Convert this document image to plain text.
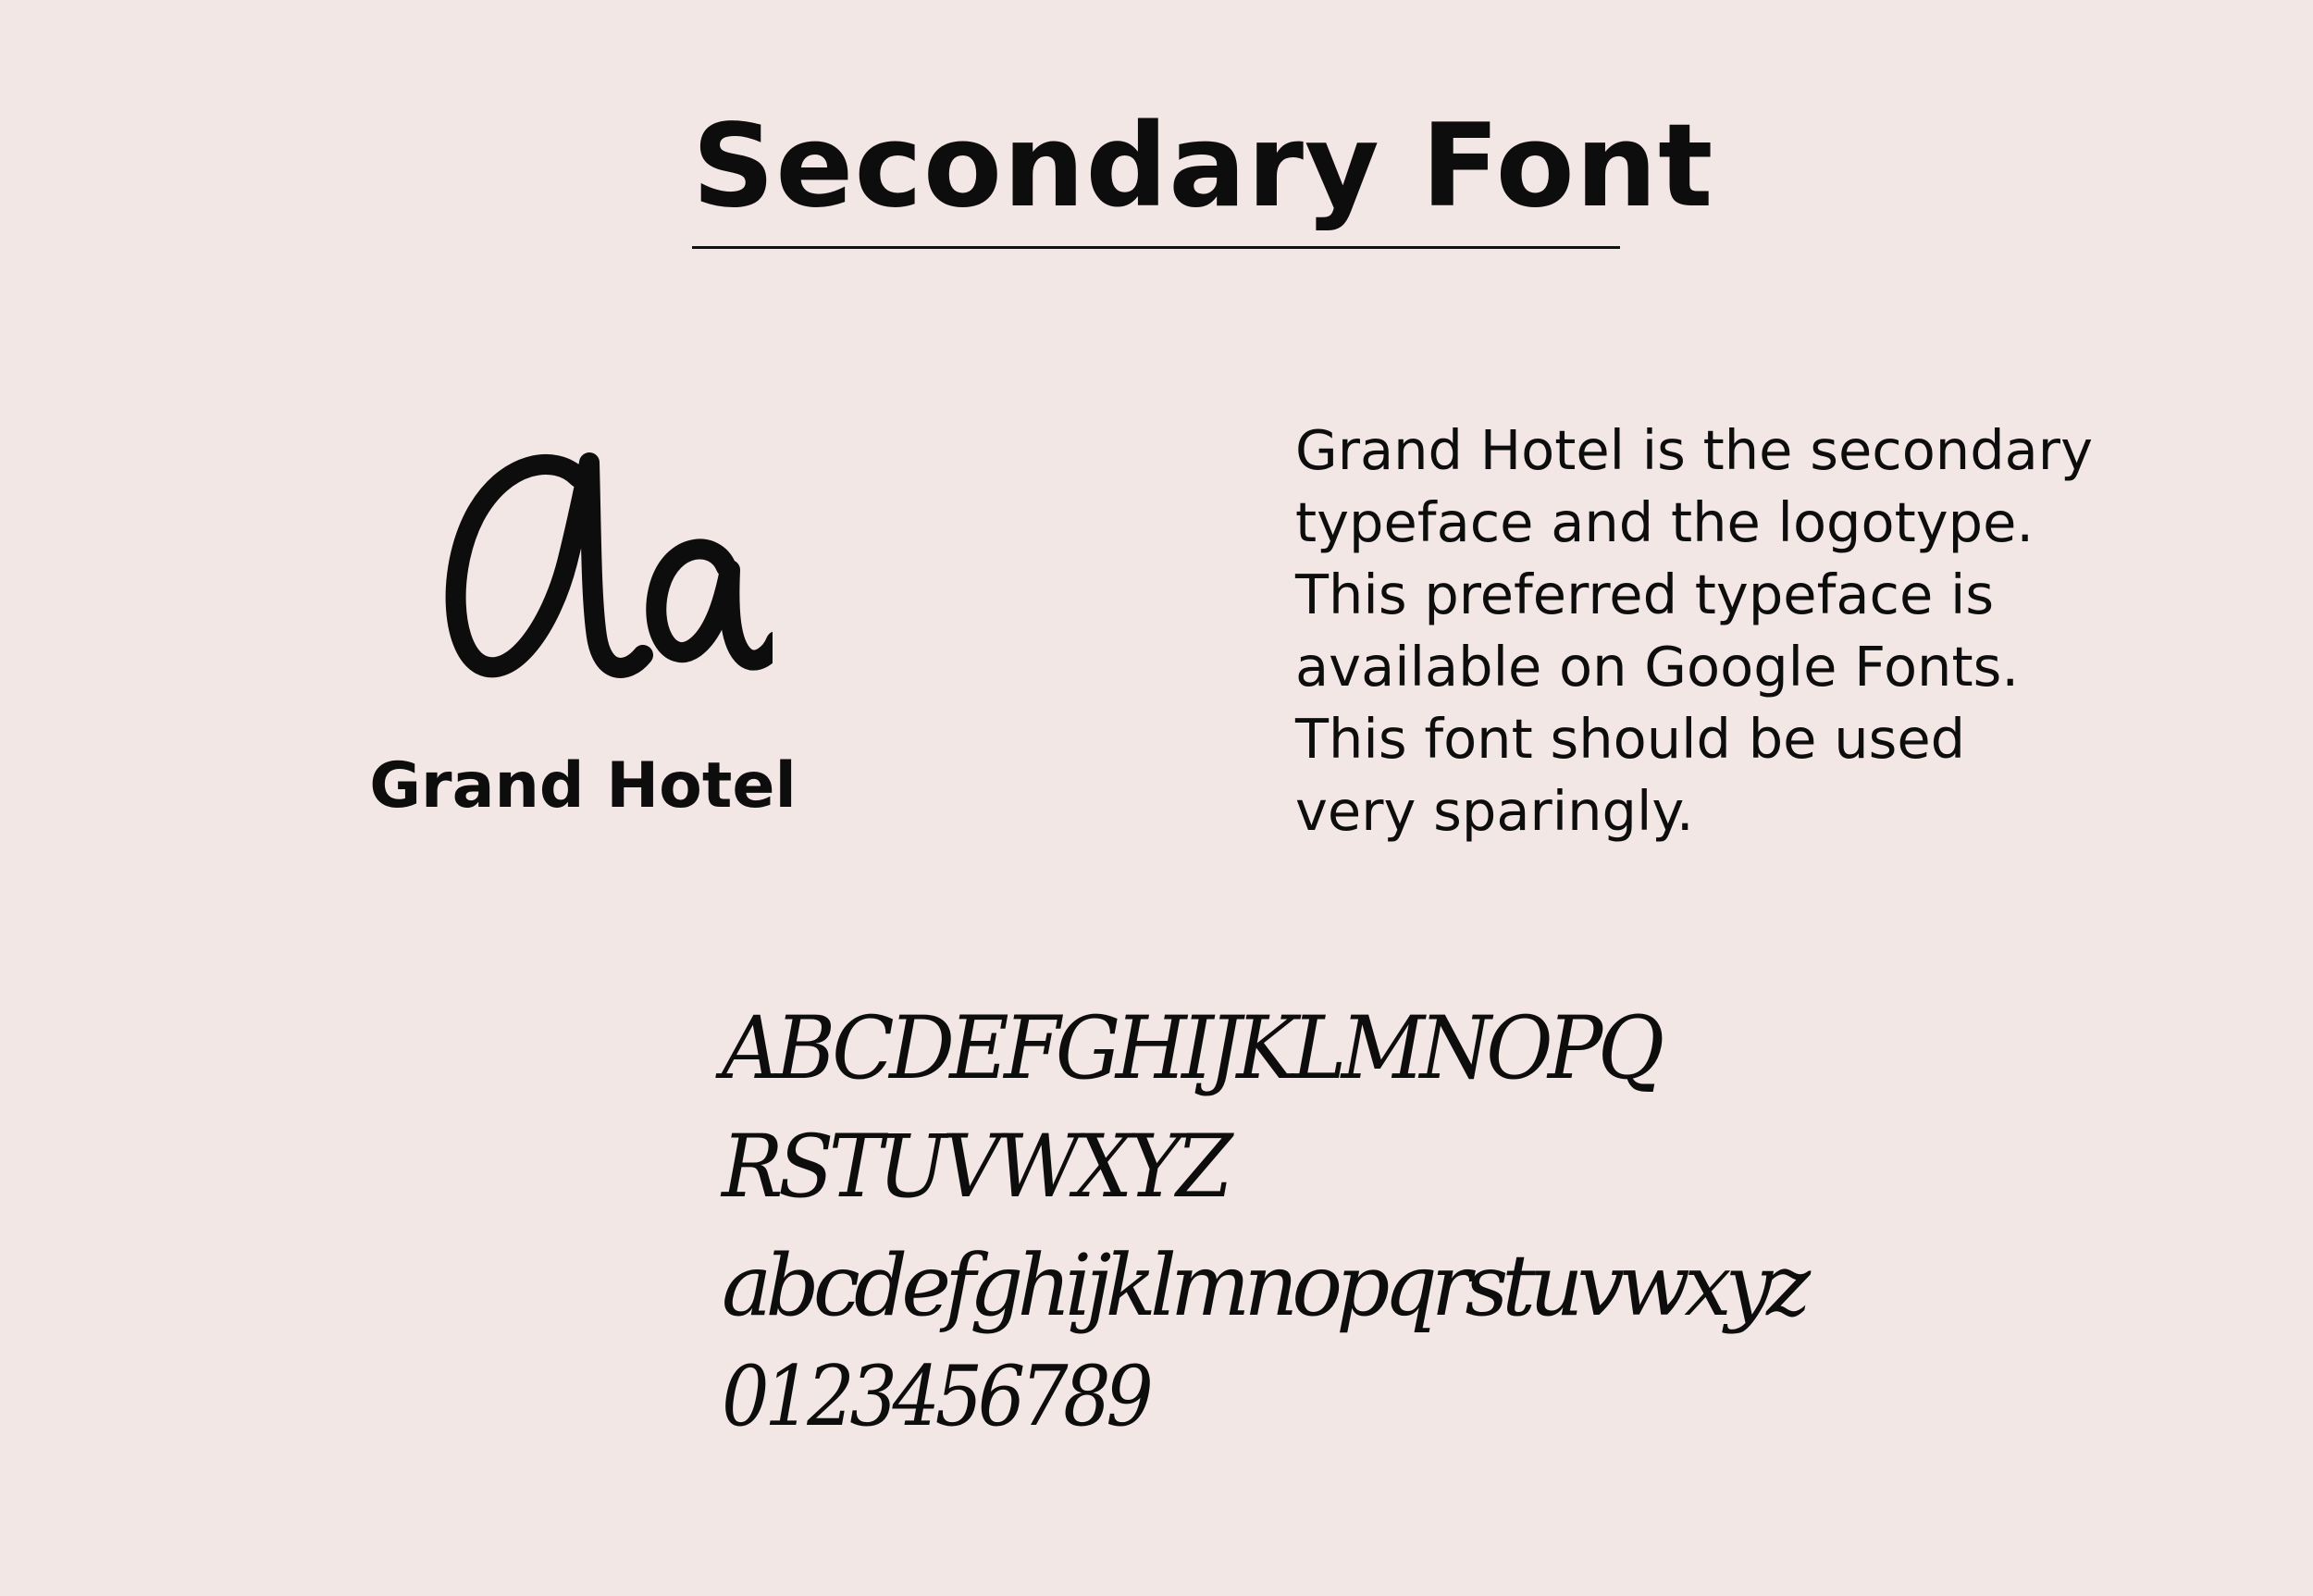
Secondary Font
Grand Hotel
Grand Hotel is the secondary
typeface and the logotype.
This preferred typeface is
available on Google Fonts.
This font should be used
very sparingly.
ABCDEFGHIJKLMNOPQ
RSTUVWXYZ
abcdefghijklmnopqrstuvwxyz
0123456789
